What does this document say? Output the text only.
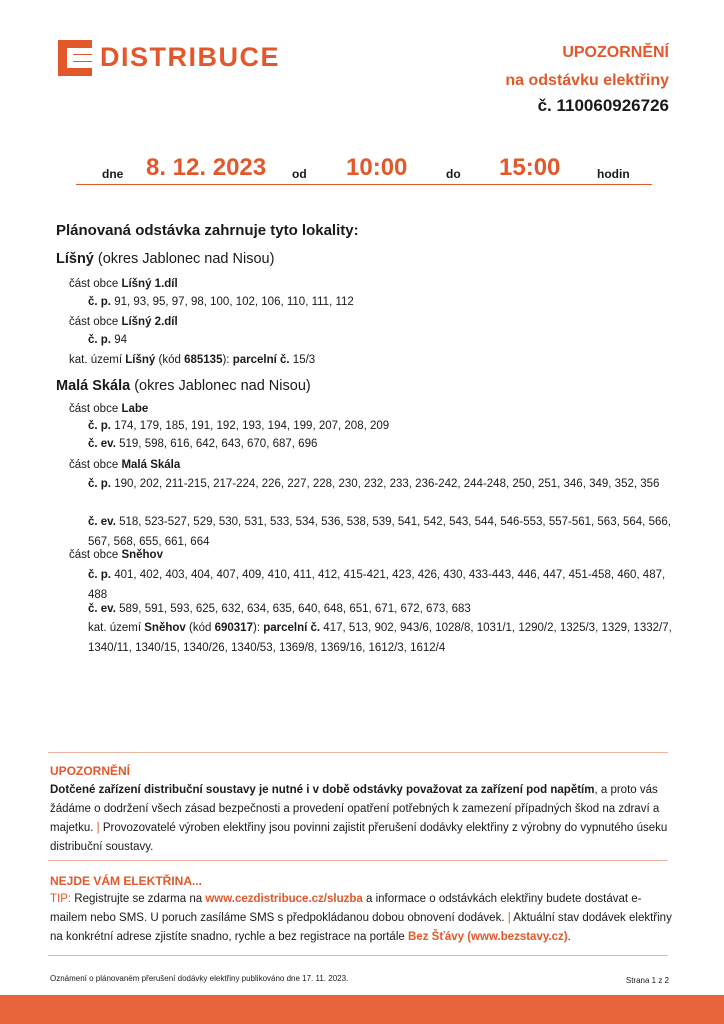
DISTRIBUCE	UPOZORNĚNÍ
na odstávku elektřiny
č. 110060926726
dne 8. 12. 2023 od 10:00	do 15:00	hodin
Plánovaná odstávka zahrnuje tyto lokality:
Líšný (okres Jablonec nad Nisou)
část obce Líšný 1.díl
č. p. 91, 93, 95, 97, 98, 100, 102, 106, 110, 111, 112
část obce Líšný 2.díl
č. p. 94
kat. území Líšný (kód 685135): parcelní č. 15/3
Malá Skála (okres Jablonec nad Nisou)
část obce Labe
č. p. 174, 179, 185, 191, 192, 193, 194, 199, 207, 208, 209
č. ev. 519, 598, 616, 642, 643, 670, 687, 696
část obce Malá Skála
č. p. 190, 202, 211-215, 217-224, 226, 227, 228, 230, 232, 233, 236-242, 244-248, 250, 251, 346, 349, 352, 356
č. ev. 518, 523-527, 529, 530, 531, 533, 534, 536, 538, 539, 541, 542, 543, 544, 546-553, 557-561, 563, 564, 566, 567, 568, 655, 661, 664
část obce Sněhov
č. p. 401, 402, 403, 404, 407, 409, 410, 411, 412, 415-421, 423, 426, 430, 433-443, 446, 447, 451-458, 460, 487, 488
č. ev. 589, 591, 593, 625, 632, 634, 635, 640, 648, 651, 671, 672, 673, 683
kat. území Sněhov (kód 690317): parcelní č. 417, 513, 902, 943/6, 1028/8, 1031/1, 1290/2, 1325/3, 1329, 1332/7, 1340/11, 1340/15, 1340/26, 1340/53, 1369/8, 1369/16, 1612/3, 1612/4
UPOZORNĚNÍ
Dotčené zařízení distribuční soustavy je nutné i v době odstávky považovat za zařízení pod napětím, a proto vás žádáme o dodržení všech zásad bezpečnosti a provedení opatření potřebných k zamezení případných škod na zdraví a majetku. | Provozovatelé výroben elektřiny jsou povinni zajistit přerušení dodávky elektřiny z výrobny do vypnutého úseku distribuční soustavy.
NEJDE VÁM ELEKTŘINA...
TIP: Registrujte se zdarma na www.cezdistribuce.cz/sluzba a informace o odstávkách elektřiny budete dostávat e-mailem nebo SMS. U poruch zasíláme SMS s předpokládanou dobou obnovení dodávek. | Aktuální stav dodávek elektřiny na konkrétní adrese zjistíte snadno, rychle a bez registrace na portále Bez Šťávy (www.bezstavy.cz).
Oznámení o plánovaném přerušení dodávky elektřiny publikováno dne 17. 11. 2023.	Strana 1 z 2
